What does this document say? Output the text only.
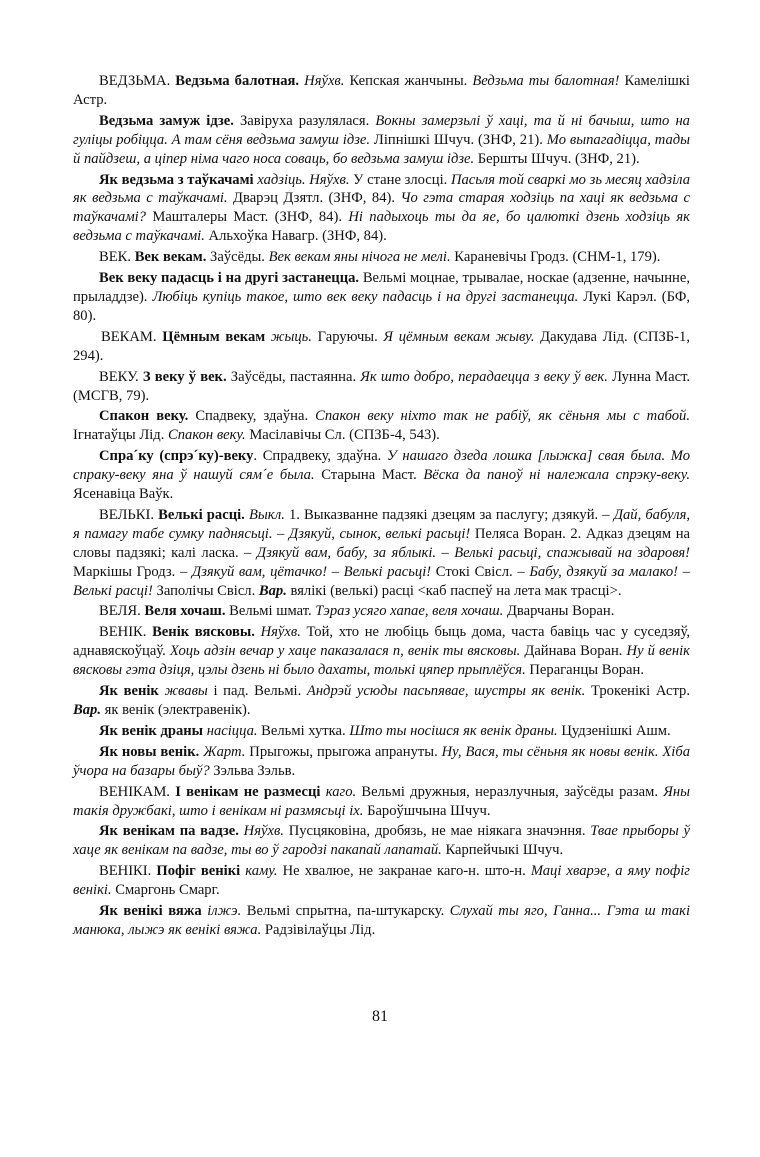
ВЕДЗЬМА. Ведзьма балотная. Няўхв. Кепская жанчыны. Ведзьма ты балотная! Камелішкі Астр.

Ведзьма замуж ідзе. Завіруха разулялася. Вокны замерзьлі ў хаці, та й ні бачыш, што на гуліцы робіцца. А там сёня ведзьма замуш ідзе. Ліпнішкі Шчуч. (ЗНФ, 21). Мо выпагадіцца, тады й пайдзеш, а ціпер німа чаго носа соваць, бо ведзьма замуш ідзе. Бершты Шчуч. (ЗНФ, 21).

Як ведзьма з таўкачамі хадзіць. Няўхв. У стане злосці. Пасьля той сваркі мо зь месяц хадзіла як ведзьма с таўкачамі. Дварэц Дзятл. (ЗНФ, 84). Чо гэта старая ходзіць па хаці як ведзьма с таўкачамі? Машталеры Маст. (ЗНФ, 84). Ні падыхоць ты да яе, бо цалюткі дзень ходзіць як ведзьма с таўкачамі. Альхоўка Навагр. (ЗНФ, 84).

ВЕК. Век векам. Заўсёды. Век векам яны нічога не мелі. Караневічы Гродз. (СНМ-1, 179).

Век веку падасць і на другі застанецца. Вельмі моцнае, трывалае, носкае (адзенне, начынне, прыладдзе). Любіць купіць такое, што век веку падасць і на другі застанецца. Лукі Карэл. (БФ, 80).

ВЕКАМ. Цёмным векам жыць. Гаруючы. Я цёмным векам жыву. Дакудава Лід. (СПЗБ-1, 294).

ВЕКУ. З веку ў век. Заўсёды, пастаянна. Як што добро, перадаецца з веку ў век. Лунна Маст. (МСГВ, 79).

Спакон веку. Спадвеку, здаўна. Спакон веку ніхто так не рабіў, як сёньня мы с табой. Ігнатаўцы Лід. Спакон веку. Масілавічы Сл. (СПЗБ-4, 543).

Спра´ку (спрэ´ку)-веку. Спрадвеку, здаўна. У нашаго дзеда лошка [лыжка] свая была. Мо спраку-веку яна ў нашуй сям´е была. Старына Маст. Вёска да паноў ні належала спрэку-веку. Ясенавіца Ваўк.

ВЕЛЬКІ. Велькі расці. Выкл. 1. Выказванне падзякі дзецям за паслугу; дзякуй. – Дай, бабуля, я памагу табе сумку паднясьці. – Дзякуй, сынок, велькі расьці! Пеляса Воран. 2. Адказ дзецям на словы падзякі; калі ласка. – Дзякуй вам, бабу, за яблыкі. – Велькі расьці, спажывай на здаровя! Маркішы Гродз. – Дзякуй вам, цётачко! – Велькі расьці! Стокі Свісл. – Бабу, дзякуй за малако! – Велькі расці! Заполічы Свісл. Вар. вялікі (велькі) расці <каб паспеў на лета мак трасці>.

ВЕЛЯ. Веля хочаш. Вельмі шмат. Тэраз усяго хапае, веля хочаш. Дварчаны Воран.

ВЕНІК. Венік вясковы. Няўхв. Той, хто не любіць быць дома, часта бавіць час у суседзяў, аднавяскоўцаў. Хоць адзін вечар у хаце паказалася п, венік ты вясковы. Дайнава Воран. Ну й венік вясковы гэта дзіця, цэлы дзень ні было дахаты, толькі цяпер прыплёўся. Пераганцы Воран.

Як венік жвавы і пад. Вельмі. Андрэй усюды пасьпявае, шустры як венік. Трокенікі Астр. Вар. як венік (электравенік).

Як венік драны насіцца. Вельмі хутка. Што ты носішся як венік драны. Цудзенішкі Ашм.

Як новы венік. Жарт. Прыгожы, прыгожа апрануты. Ну, Вася, ты сёньня як новы венік. Хіба ўчора на базары быў? Зэльва Зэльв.

ВЕНІКАМ. І венікам не размесці каго. Вельмі дружныя, неразлучныя, заўсёды разам. Яны такія дружбакі, што і венікам ні размясьці іх. Бароўшчына Шчуч.

Як венікам па вадзе. Няўхв. Пусцяковіна, дробязь, не мае ніякага значэння. Твае прыборы ў хаце як венікам па вадзе, ты во ў гародзі пакапай лапатай. Карпейчыкі Шчуч.

ВЕНІКІ. Пофіг венікі каму. Не хвалюе, не закранае каго-н. што-н. Маці хварэе, а яму пофіг венікі. Смаргонь Смарг.

Як венікі вяжа ілжэ. Вельмі спрытна, па-штукарску. Слухай ты яго, Ганна... Гэта ш такі манюка, лыжэ як венікі вяжа. Радзівілаўцы Лід.

81
